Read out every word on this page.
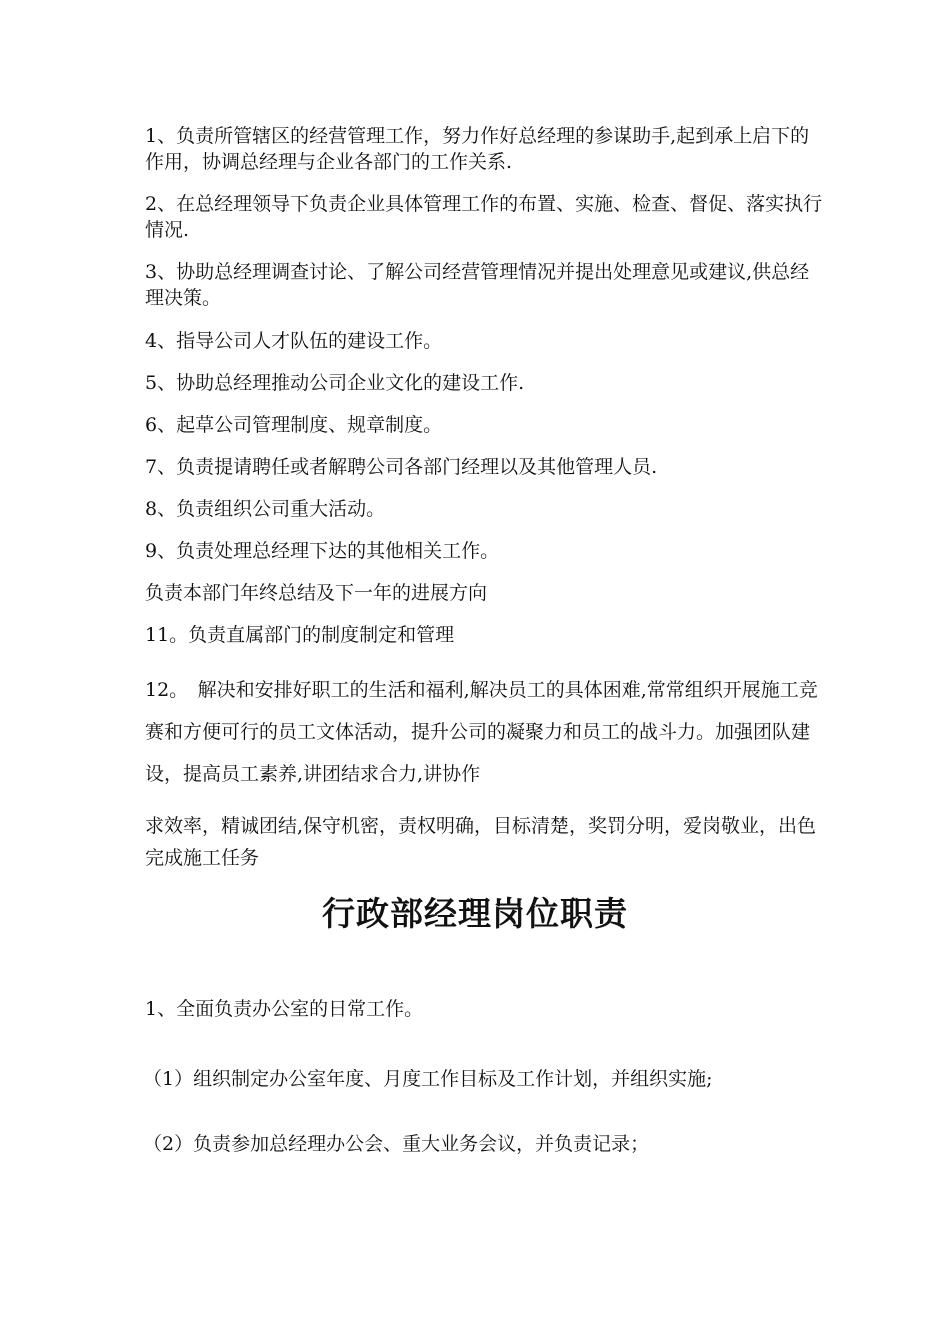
1、负责所管辖区的经营管理工作，努力作好总经理的参谋助手,起到承上启下的作用，协调总经理与企业各部门的工作关系.
2、在总经理领导下负责企业具体管理工作的布置、实施、检查、督促、落实执行情况.
3、协助总经理调查讨论、了解公司经营管理情况并提出处理意见或建议,供总经理决策。
4、指导公司人才队伍的建设工作。
5、协助总经理推动公司企业文化的建设工作.
6、起草公司管理制度、规章制度。
7、负责提请聘任或者解聘公司各部门经理以及其他管理人员.
8、负责组织公司重大活动。
9、负责处理总经理下达的其他相关工作。
负责本部门年终总结及下一年的进展方向
11。负责直属部门的制度制定和管理
12。　解决和安排好职工的生活和福利,解决员工的具体困难,常常组织开展施工竞赛和方便可行的员工文体活动，提升公司的凝聚力和员工的战斗力。加强团队建设，提高员工素养,讲团结求合力,讲协作
求效率，精诚团结,保守机密，责权明确，目标清楚，奖罚分明，爱岗敬业，出色完成施工任务
行政部经理岗位职责
1、全面负责办公室的日常工作。
（1）组织制定办公室年度、月度工作目标及工作计划，并组织实施;
（2）负责参加总经理办公会、重大业务会议，并负责记录；
